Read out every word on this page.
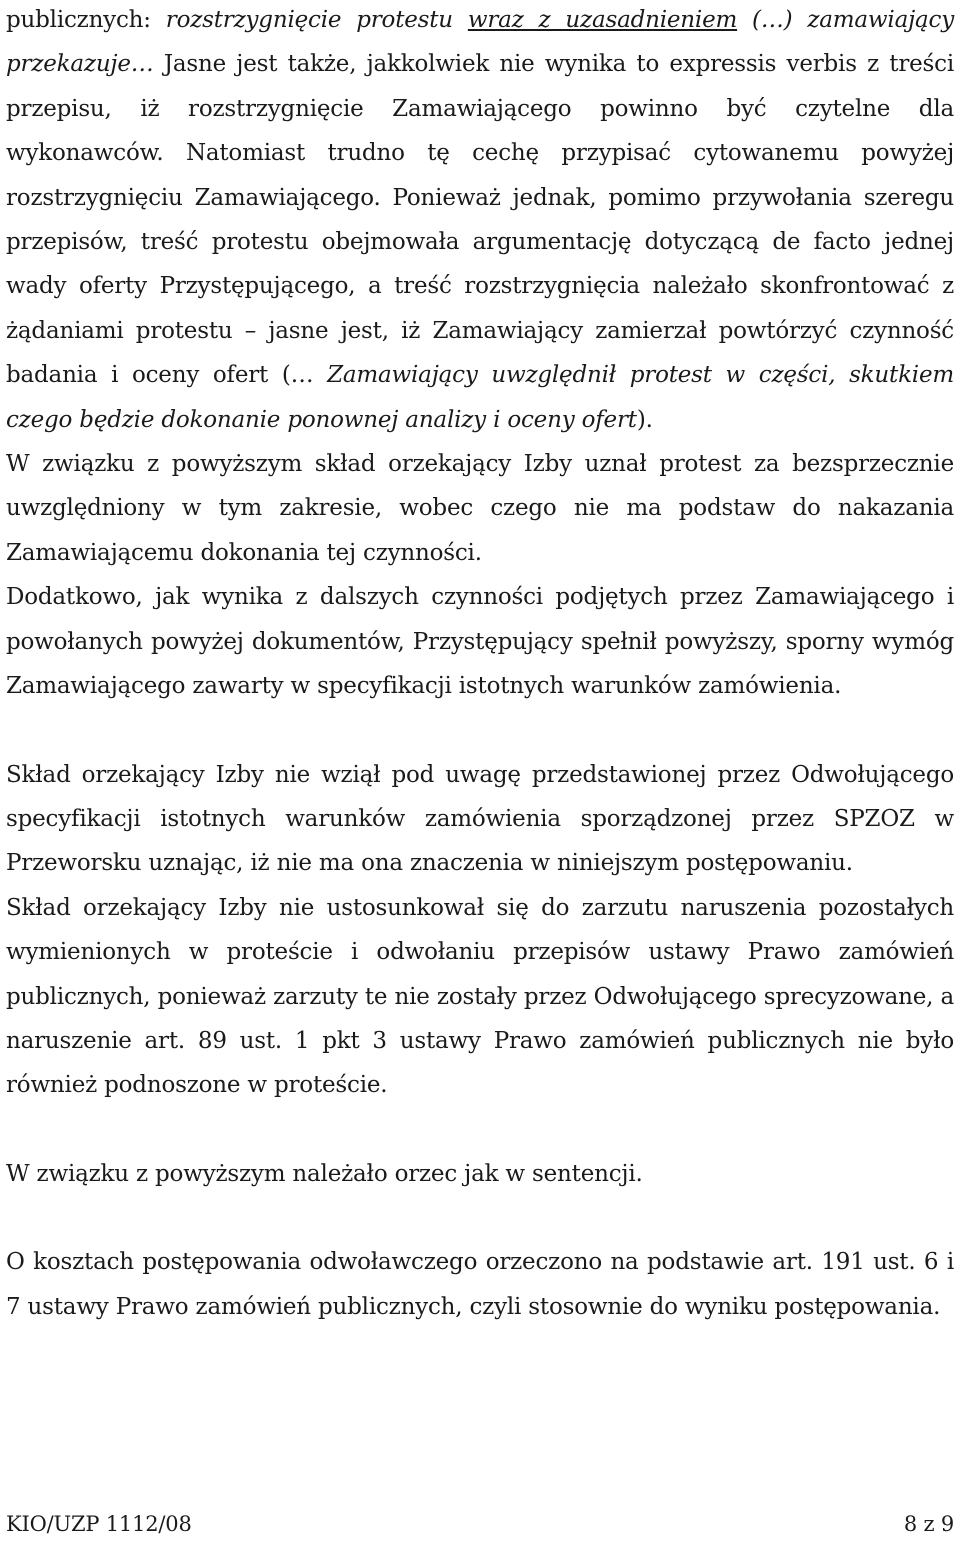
publicznych: rozstrzygnięcie protestu wraz z uzasadnieniem (…) zamawiający przekazuje… Jasne jest także, jakkolwiek nie wynika to expressis verbis z treści przepisu, iż rozstrzygnięcie Zamawiającego powinno być czytelne dla wykonawców. Natomiast trudno tę cechę przypisać cytowanemu powyżej rozstrzygnięciu Zamawiającego. Ponieważ jednak, pomimo przywołania szeregu przepisów, treść protestu obejmowała argumentację dotyczącą de facto jednej wady oferty Przystępującego, a treść rozstrzygnięcia należało skonfrontować z żądaniami protestu – jasne jest, iż Zamawiający zamierzał powtórzyć czynność badania i oceny ofert (… Zamawiający uwzględnił protest w części, skutkiem czego będzie dokonanie ponownej analizy i oceny ofert).

W związku z powyższym skład orzekający Izby uznał protest za bezsprzecznie uwzględniony w tym zakresie, wobec czego nie ma podstaw do nakazania Zamawiającemu dokonania tej czynności.

Dodatkowo, jak wynika z dalszych czynności podjętych przez Zamawiającego i powołanych powyżej dokumentów, Przystępujący spełnił powyższy, sporny wymóg Zamawiającego zawarty w specyfikacji istotnych warunków zamówienia.

Skład orzekający Izby nie wziął pod uwagę przedstawionej przez Odwołującego specyfikacji istotnych warunków zamówienia sporządzonej przez SPZOZ w Przeworsku uznając, iż nie ma ona znaczenia w niniejszym postępowaniu.

Skład orzekający Izby nie ustosunkował się do zarzutu naruszenia pozostałych wymienionych w proteście i odwołaniu przepisów ustawy Prawo zamówień publicznych, ponieważ zarzuty te nie zostały przez Odwołującego sprecyzowane, a naruszenie art. 89 ust. 1 pkt 3 ustawy Prawo zamówień publicznych nie było również podnoszone w proteście.

W związku z powyższym należało orzec jak w sentencji.

O kosztach postępowania odwoławczego orzeczono na podstawie art. 191 ust. 6 i 7 ustawy Prawo zamówień publicznych, czyli stosownie do wyniku postępowania.

KIO/UZP 1112/08	8 z 9
